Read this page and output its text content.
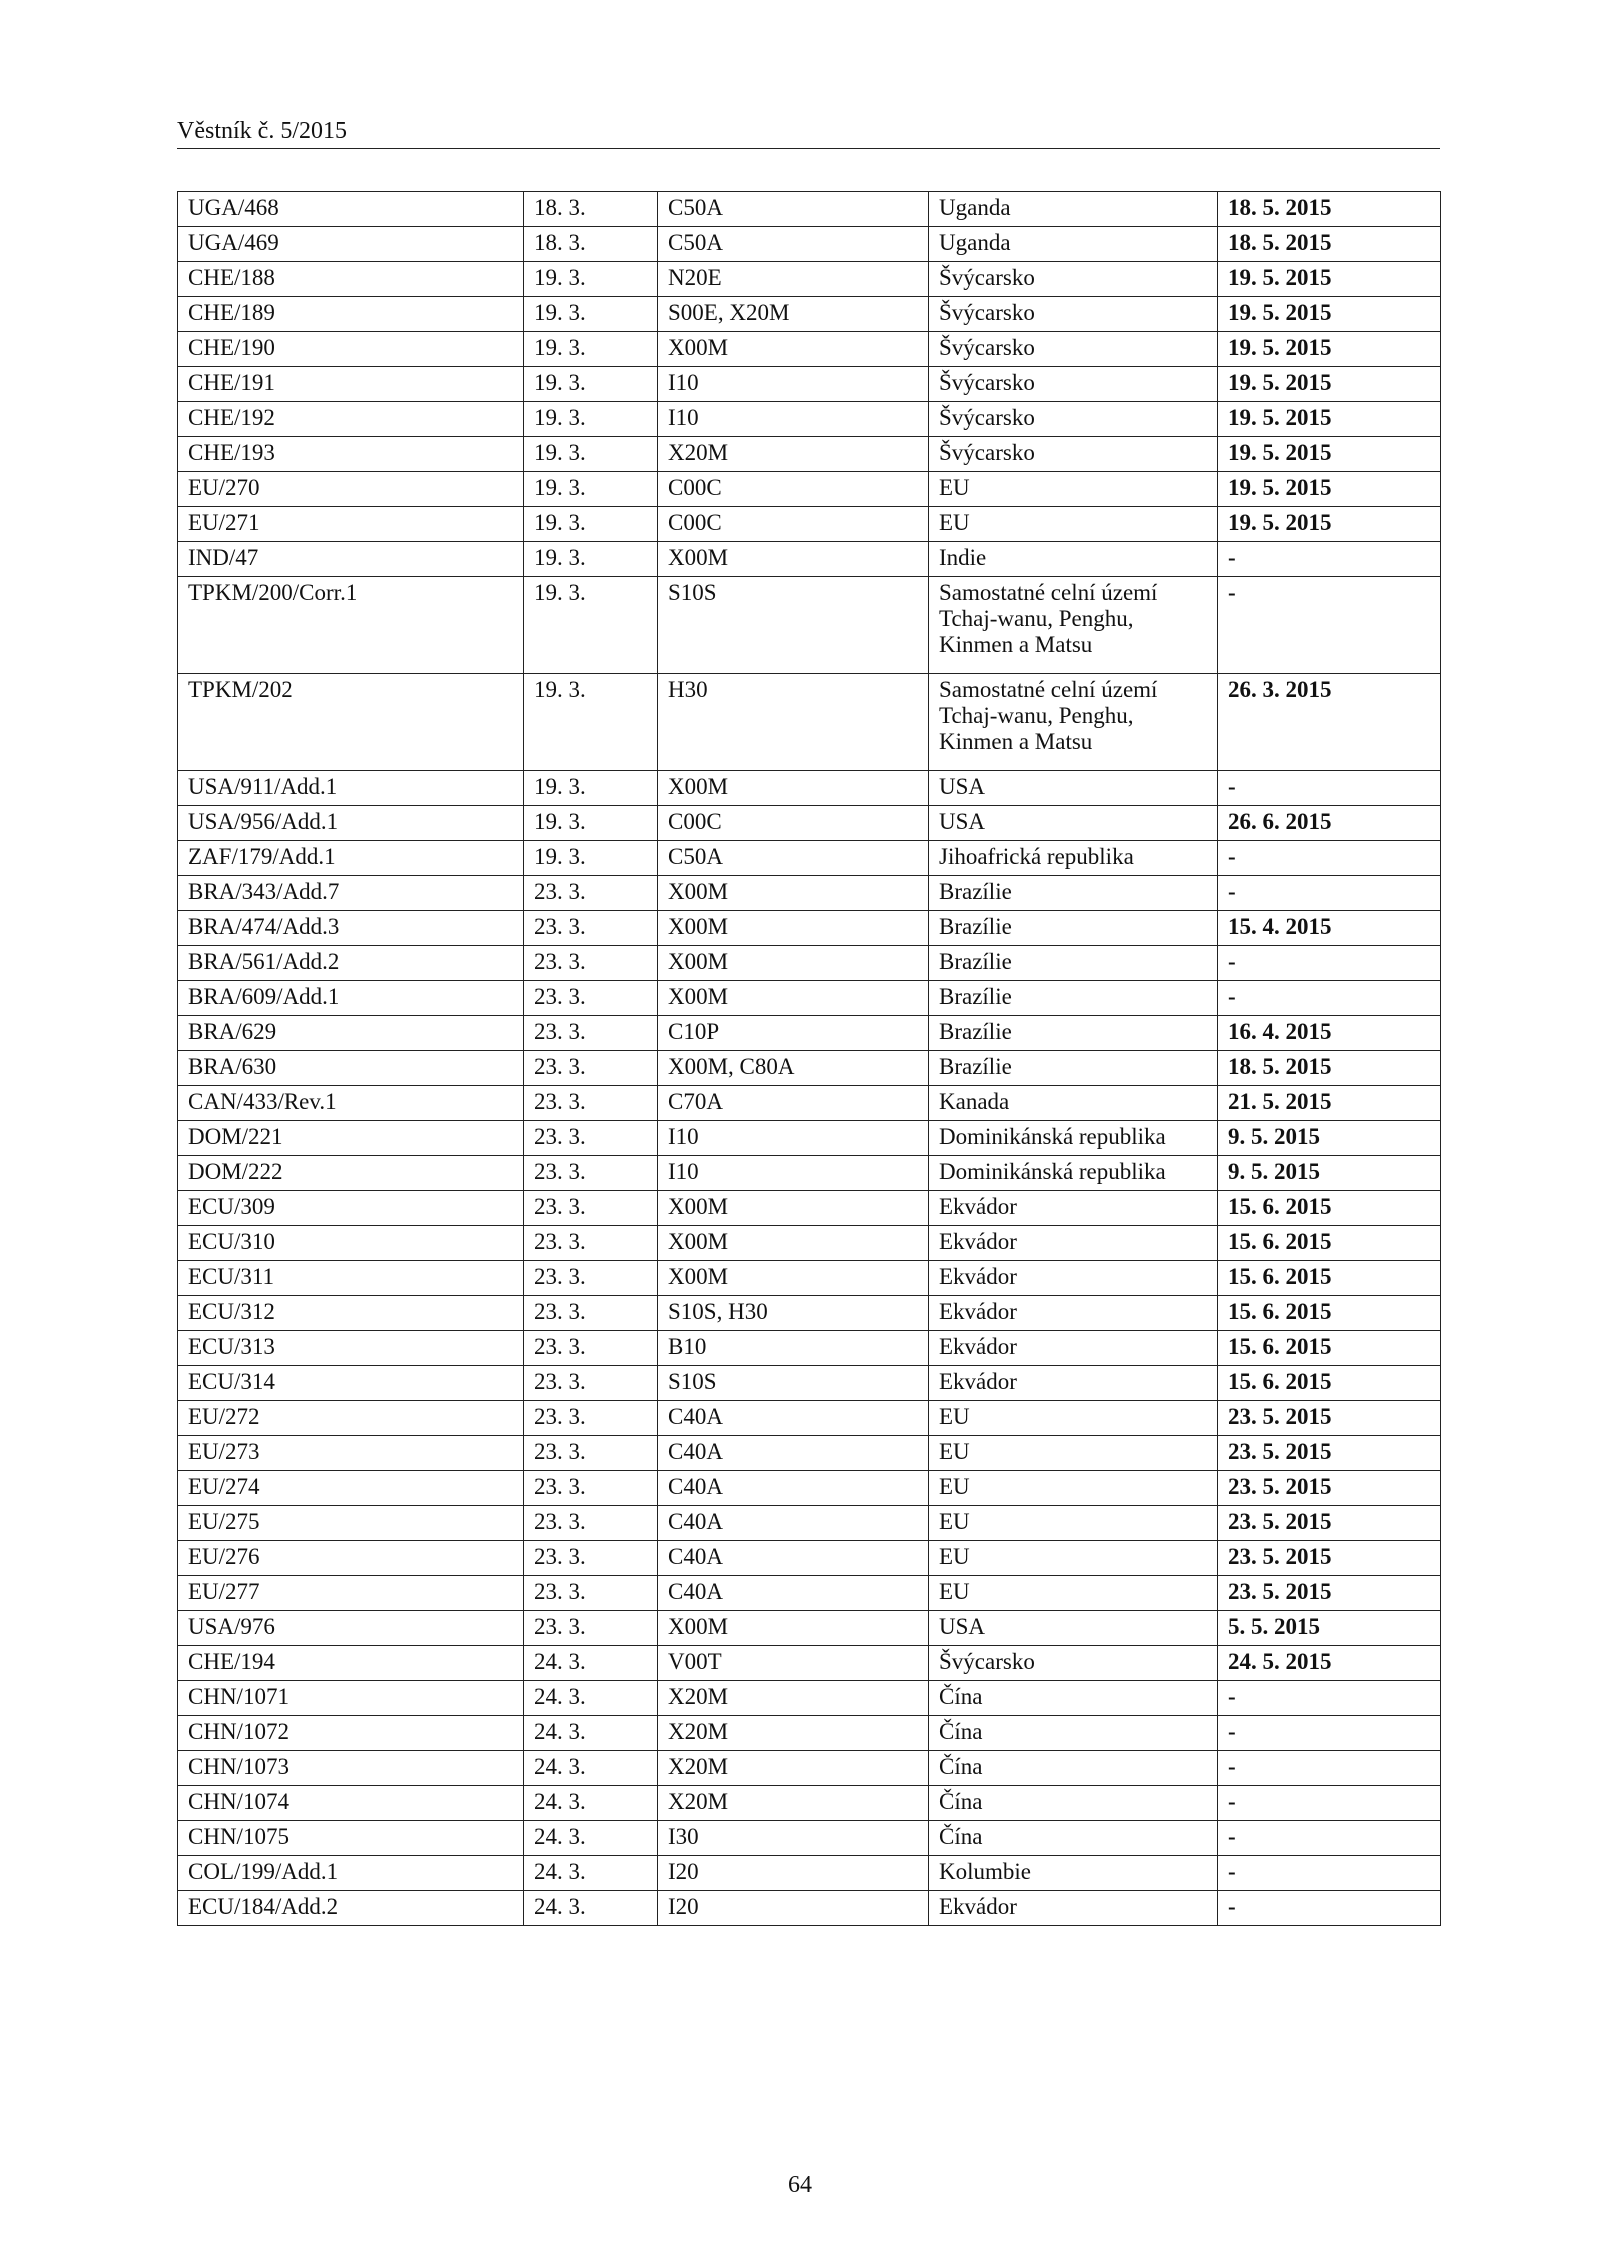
Věstník č. 5/2015
UGA/468	18. 3.	C50A	Uganda	18. 5. 2015
UGA/469	18. 3.	C50A	Uganda	18. 5. 2015
CHE/188	19. 3.	N20E	Švýcarsko	19. 5. 2015
CHE/189	19. 3.	S00E, X20M	Švýcarsko	19. 5. 2015
CHE/190	19. 3.	X00M	Švýcarsko	19. 5. 2015
CHE/191	19. 3.	I10	Švýcarsko	19. 5. 2015
CHE/192	19. 3.	I10	Švýcarsko	19. 5. 2015
CHE/193	19. 3.	X20M	Švýcarsko	19. 5. 2015
EU/270	19. 3.	C00C	EU	19. 5. 2015
EU/271	19. 3.	C00C	EU	19. 5. 2015
IND/47	19. 3.	X00M	Indie	-
TPKM/200/Corr.1	19. 3.	S10S	Samostatné celní území Tchaj-wanu, Penghu, Kinmen a Matsu	-
TPKM/202	19. 3.	H30	Samostatné celní území Tchaj-wanu, Penghu, Kinmen a Matsu	26. 3. 2015
USA/911/Add.1	19. 3.	X00M	USA	-
USA/956/Add.1	19. 3.	C00C	USA	26. 6. 2015
ZAF/179/Add.1	19. 3.	C50A	Jihoafrická republika	-
BRA/343/Add.7	23. 3.	X00M	Brazílie	-
BRA/474/Add.3	23. 3.	X00M	Brazílie	15. 4. 2015
BRA/561/Add.2	23. 3.	X00M	Brazílie	-
BRA/609/Add.1	23. 3.	X00M	Brazílie	-
BRA/629	23. 3.	C10P	Brazílie	16. 4. 2015
BRA/630	23. 3.	X00M, C80A	Brazílie	18. 5. 2015
CAN/433/Rev.1	23. 3.	C70A	Kanada	21. 5. 2015
DOM/221	23. 3.	I10	Dominikánská republika	9. 5. 2015
DOM/222	23. 3.	I10	Dominikánská republika	9. 5. 2015
ECU/309	23. 3.	X00M	Ekvádor	15. 6. 2015
ECU/310	23. 3.	X00M	Ekvádor	15. 6. 2015
ECU/311	23. 3.	X00M	Ekvádor	15. 6. 2015
ECU/312	23. 3.	S10S, H30	Ekvádor	15. 6. 2015
ECU/313	23. 3.	B10	Ekvádor	15. 6. 2015
ECU/314	23. 3.	S10S	Ekvádor	15. 6. 2015
EU/272	23. 3.	C40A	EU	23. 5. 2015
EU/273	23. 3.	C40A	EU	23. 5. 2015
EU/274	23. 3.	C40A	EU	23. 5. 2015
EU/275	23. 3.	C40A	EU	23. 5. 2015
EU/276	23. 3.	C40A	EU	23. 5. 2015
EU/277	23. 3.	C40A	EU	23. 5. 2015
USA/976	23. 3.	X00M	USA	5. 5. 2015
CHE/194	24. 3.	V00T	Švýcarsko	24. 5. 2015
CHN/1071	24. 3.	X20M	Čína	-
CHN/1072	24. 3.	X20M	Čína	-
CHN/1073	24. 3.	X20M	Čína	-
CHN/1074	24. 3.	X20M	Čína	-
CHN/1075	24. 3.	I30	Čína	-
COL/199/Add.1	24. 3.	I20	Kolumbie	-
ECU/184/Add.2	24. 3.	I20	Ekvádor	-
64
